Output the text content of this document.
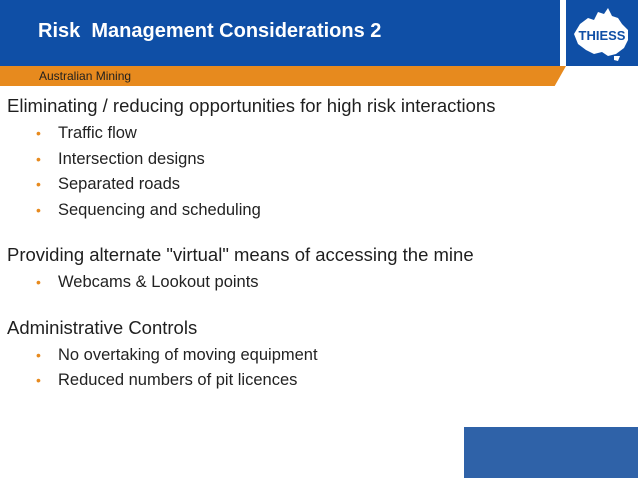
Risk  Management Considerations 2
Australian Mining
THIESS
Eliminating / reducing opportunities for high risk interactions
• Traffic flow
• Intersection designs
• Separated roads
• Sequencing and scheduling
Providing alternate "virtual" means of accessing the mine
• Webcams & Lookout points
Administrative Controls
• No overtaking of moving equipment
• Reduced numbers of pit licences
